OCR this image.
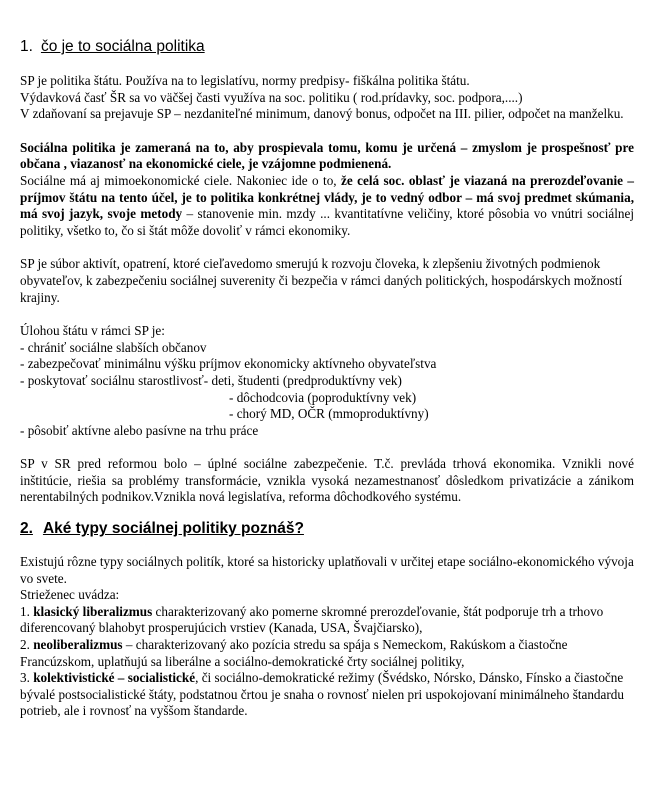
1. čo je to sociálna politika

SP je politika štátu. Používa na to legislatívu, normy predpisy- fiškálna politika štátu.

Výdavková časť ŠR sa vo väčšej časti využíva na soc. politiku ( rod.prídavky, soc. podpora,....)

V zdaňovaní sa prejavuje SP – nezdaniteľné minimum, danový bonus, odpočet na III. pilier, odpočet na manželku.

Sociálna politika je zameraná na to, aby prospievala tomu, komu je určená – zmyslom je prospešnosť pre občana , viazanosť na ekonomické ciele, je vzájomne podmienená.

Sociálne má aj mimoekonomické ciele. Nakoniec ide o to, že celá soc. oblasť je viazaná na prerozdeľovanie – príjmov štátu na tento účel, je to politika konkrétnej vlády, je to vedný odbor – má svoj predmet skúmania, má svoj jazyk, svoje metody – stanovenie min. mzdy ... kvantitatívne veličiny, ktoré pôsobia vo vnútri sociálnej politiky, všetko to, čo si štát môže dovoliť v rámci ekonomiky.

SP je súbor aktivít, opatrení, ktoré cieľavedomo smerujú k rozvoju človeka, k zlepšeniu životných podmienok obyvateľov, k zabezpečeniu sociálnej suverenity či bezpečia v rámci daných politických, hospodárskych možností krajiny.

Úlohou štátu v rámci SP je:

- chrániť sociálne slabších občanov

- zabezpečovať minimálnu výšku príjmov ekonomicky aktívneho obyvateľstva

- poskytovať sociálnu starostlivosť- deti, študenti (predproduktívny vek)

- dôchodcovia (poproduktívny vek)

- chorý MD, OČR (mmoproduktívny)

- pôsobiť aktívne alebo pasívne na trhu práce

SP v SR pred reformou bolo – úplné sociálne zabezpečenie. T.č. prevláda trhová ekonomika. Vznikli nové inštitúcie, riešia sa problémy transformácie, vznikla vysoká nezamestnanosť dôsledkom privatizácie a zánikom nerentabilných podnikov.Vznikla nová legislatíva, reforma dôchodkového systému.

2. Aké typy sociálnej politiky poznáš?

Existujú rôzne typy sociálnych politík, ktoré sa historicky uplatňovali v určitej etape sociálno-ekonomického vývoja vo svete.

Strieženec uvádza:

1. klasický liberalizmus charakterizovaný ako pomerne skromné prerozdeľovanie, štát podporuje trh a trhovo diferencovaný blahobyt prosperujúcich vrstiev (Kanada, USA, Švajčiarsko),

2. neoliberalizmus – charakterizovaný ako pozícia stredu sa spája s Nemeckom, Rakúskom a čiastočne Francúzskom, uplatňujú sa liberálne a sociálno-demokratické črty sociálnej politiky,

3. kolektivistické – socialistické, či sociálno-demokratické režimy (Švédsko, Nórsko, Dánsko, Fínsko a čiastočne bývalé postsocialistické štáty, podstatnou črtou je snaha o rovnosť nielen pri uspokojovaní minimálneho štandardu potrieb, ale i rovnosť na vyššom štandarde.
